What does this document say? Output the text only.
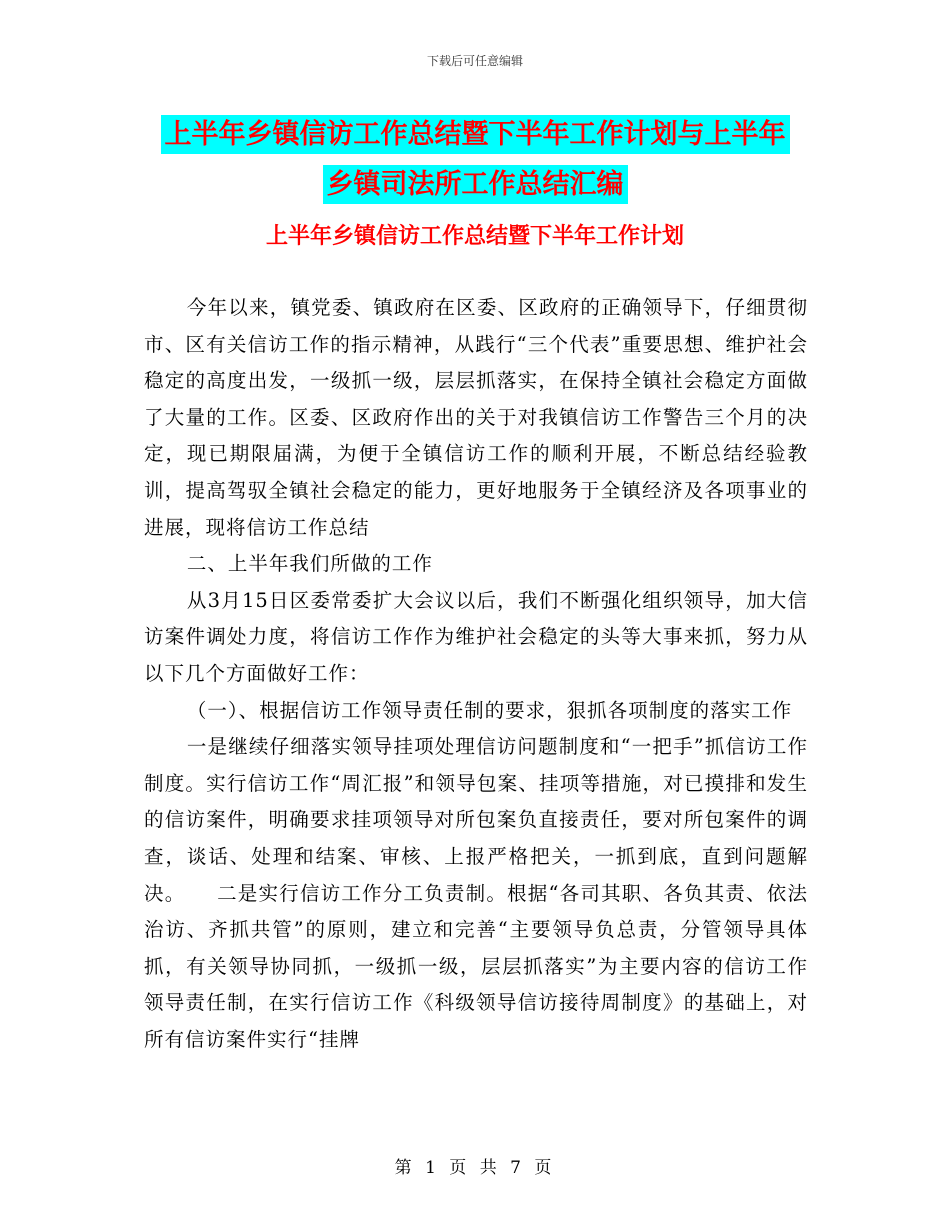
下载后可任意编辑
上半年乡镇信访工作总结暨下半年工作计划与上半年
乡镇司法所工作总结汇编
上半年乡镇信访工作总结暨下半年工作计划

今年以来，镇党委、镇政府在区委、区政府的正确领导下，仔细贯彻市、区有关信访工作的指示精神，从践行“三个代表”重要思想、维护社会稳定的高度出发，一级抓一级，层层抓落实，在保持全镇社会稳定方面做了大量的工作。区委、区政府作出的关于对我镇信访工作警告三个月的决定，现已期限届满，为便于全镇信访工作的顺利开展，不断总结经验教训，提高驾驭全镇社会稳定的能力，更好地服务于全镇经济及各项事业的进展，现将信访工作总结

二、上半年我们所做的工作

从3月15日区委常委扩大会议以后，我们不断强化组织领导，加大信访案件调处力度，将信访工作作为维护社会稳定的头等大事来抓，努力从以下几个方面做好工作：

（一）、根据信访工作领导责任制的要求，狠抓各项制度的落实工作

一是继续仔细落实领导挂项处理信访问题制度和“一把手”抓信访工作制度。实行信访工作“周汇报”和领导包案、挂项等措施，对已摸排和发生的信访案件，明确要求挂项领导对所包案负直接责任，要对所包案件的调查，谈话、处理和结案、审核、上报严格把关，一抓到底，直到问题解决。　　二是实行信访工作分工负责制。根据“各司其职、各负其责、依法治访、齐抓共管”的原则，建立和完善“主要领导负总责，分管领导具体抓，有关领导协同抓，一级抓一级，层层抓落实”为主要内容的信访工作领导责任制，在实行信访工作《科级领导信访接待周制度》的基础上，对所有信访案件实行“挂牌

第 1 页 共 7 页
